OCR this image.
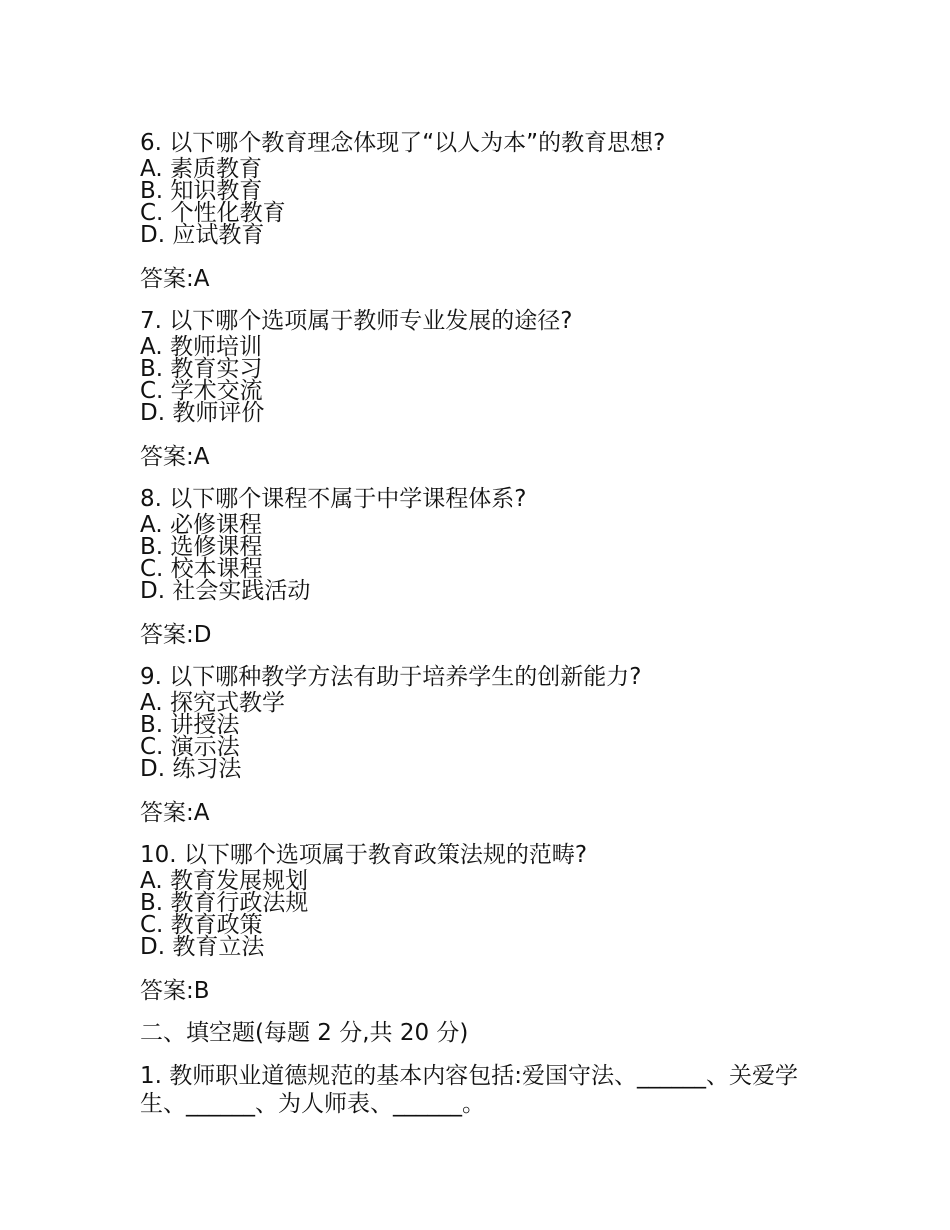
6. 以下哪个教育理念体现了“以人为本”的教育思想?
A. 素质教育
B. 知识教育
C. 个性化教育
D. 应试教育
答案:A
7. 以下哪个选项属于教师专业发展的途径?
A. 教师培训
B. 教育实习
C. 学术交流
D. 教师评价
答案:A
8. 以下哪个课程不属于中学课程体系?
A. 必修课程
B. 选修课程
C. 校本课程
D. 社会实践活动
答案:D
9. 以下哪种教学方法有助于培养学生的创新能力?
A. 探究式教学
B. 讲授法
C. 演示法
D. 练习法
答案:A
10. 以下哪个选项属于教育政策法规的范畴?
A. 教育发展规划
B. 教育行政法规
C. 教育政策
D. 教育立法
答案:B
二、填空题(每题 2 分,共 20 分)
1. 教师职业道德规范的基本内容包括:爱国守法、______、关爱学生、______、为人师表、______。
